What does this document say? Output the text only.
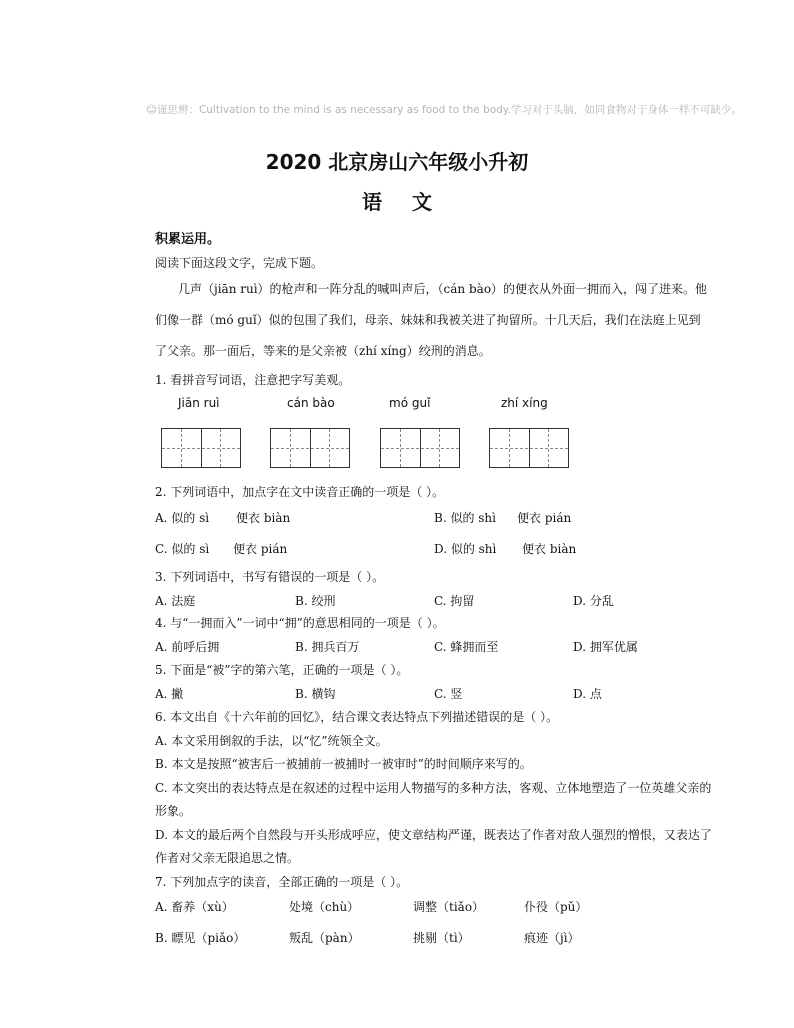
☺谨思辨：Cultivation to the mind is as necessary as food to the body.学习对于头脑，如同食物对于身体一样不可缺少。
2020 北京房山六年级小升初
语文
积累运用。
阅读下面这段文字，完成下题。
几声（jiān ruì）的枪声和一阵分乱的喊叫声后，（cán bào）的便衣从外面一拥而入，闯了进来。他
们像一群（mó guǐ）似的包围了我们，母亲、妹妹和我被关进了拘留所。十几天后，我们在法庭上见到
了父亲。那一面后，等来的是父亲被（zhí xíng）绞刑的消息。
1. 看拼音写词语，注意把字写美观。
Jiān ruì	cán bào	mó guǐ	zhí xíng
2. 下列词语中，加点字在文中读音正确的一项是（ ）。
A. 似的 sì 便衣 biàn	B. 似的 shì 便衣 pián
C. 似的 sì 便衣 pián	D. 似的 shì 便衣 biàn
3. 下列词语中，书写有错误的一项是（ ）。
A. 法庭	B. 绞刑	C. 拘留	D. 分乱
4. 与“一拥而入”一词中“拥”的意思相同的一项是（ ）。
A. 前呼后拥	B. 拥兵百万	C. 蜂拥而至	D. 拥军优属
5. 下面是“被”字的第六笔，正确的一项是（ ）。
A. 撇	B. 横钩	C. 竖	D. 点
6. 本文出自《十六年前的回忆》，结合课文表达特点下列描述错误的是（ ）。
A. 本文采用倒叙的手法，以“忆”统领全文。
B. 本文是按照“被害后一被捕前一被捕时一被审时”的时间顺序来写的。
C. 本文突出的表达特点是在叙述的过程中运用人物描写的多种方法，客观、立体地塑造了一位英雄父亲的
形象。
D. 本文的最后两个自然段与开头形成呼应，使文章结构严谨，既表达了作者对敌人强烈的憎恨，又表达了
作者对父亲无限追思之情。
7. 下列加点字的读音，全部正确的一项是（ ）。
A. 畜养（xù）	处境（chù）	调整（tiǎo）	仆役（pǔ）
B. 瞟见（piǎo）	叛乱（pàn）	挑剔（tì）	痕迹（jì）
